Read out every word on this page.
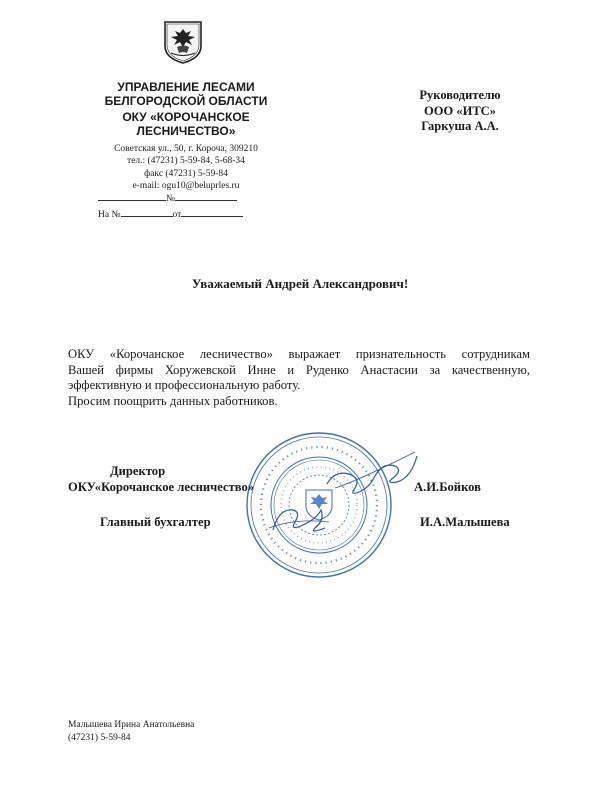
УПРАВЛЕНИЕ ЛЕСАМИ
БЕЛГОРОДСКОЙ ОБЛАСТИ
ОКУ «КОРОЧАНСКОЕ
ЛЕСНИЧЕСТВО»
Советская ул., 50, г. Короча, 309210
тел.: (47231) 5-59-84, 5-68-34
факс (47231) 5-59-84
e-mail: ogu10@beluprles.ru
№
На №	от
Руководителю
ООО «ИТС»
Гаркуша А.А.
Уважаемый Андрей Александрович!

ОКУ «Корочанское лесничество» выражает признательность сотрудникам

Вашей фирмы Хоружевской Инне и Руденко Анастасии за качественную,

эффективную и профессиональную работу.

Просим поощрить данных работников.

Директор
ОКУ«Корочанское лесничество»	А.И.Бойков
Главный бухгалтер	И.А.Малышева
Малышева Ирина Анатольевна
(47231) 5-59-84
